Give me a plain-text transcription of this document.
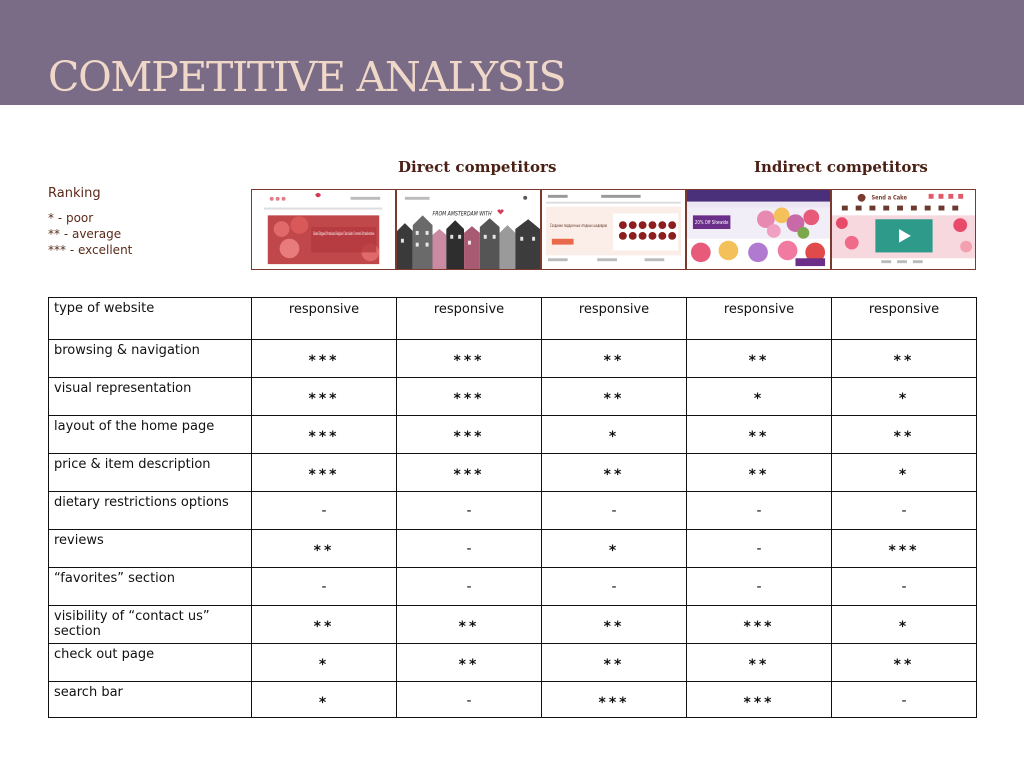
COMPETITIVE ANALYSIS
Direct competitors	Indirect competitors
Ranking
* - poor
** - average
*** - excellent
Hand-Dipped Premium Belgian Chocolate Covered Strawberries
FROM AMSTERDAM WITH
Создание подарочных ягодных шедевров
20% Off Sitewide
Send a Cake
type of website	responsive	responsive	responsive	responsive	responsive

browsing & navigation	***	***	**	**	**

visual representation	***	***	**	*	*

layout of the home page	***	***	*	**	**

price & item description	***	***	**	**	*

dietary restrictions options	-	-	-	-	-

reviews	**	-	*	-	***

“favorites” section	-	-	-	-	-

visibility of “contact us” section	**	**	**	***	*

check out page	*	**	**	**	**

search bar	*	-	***	***	-
